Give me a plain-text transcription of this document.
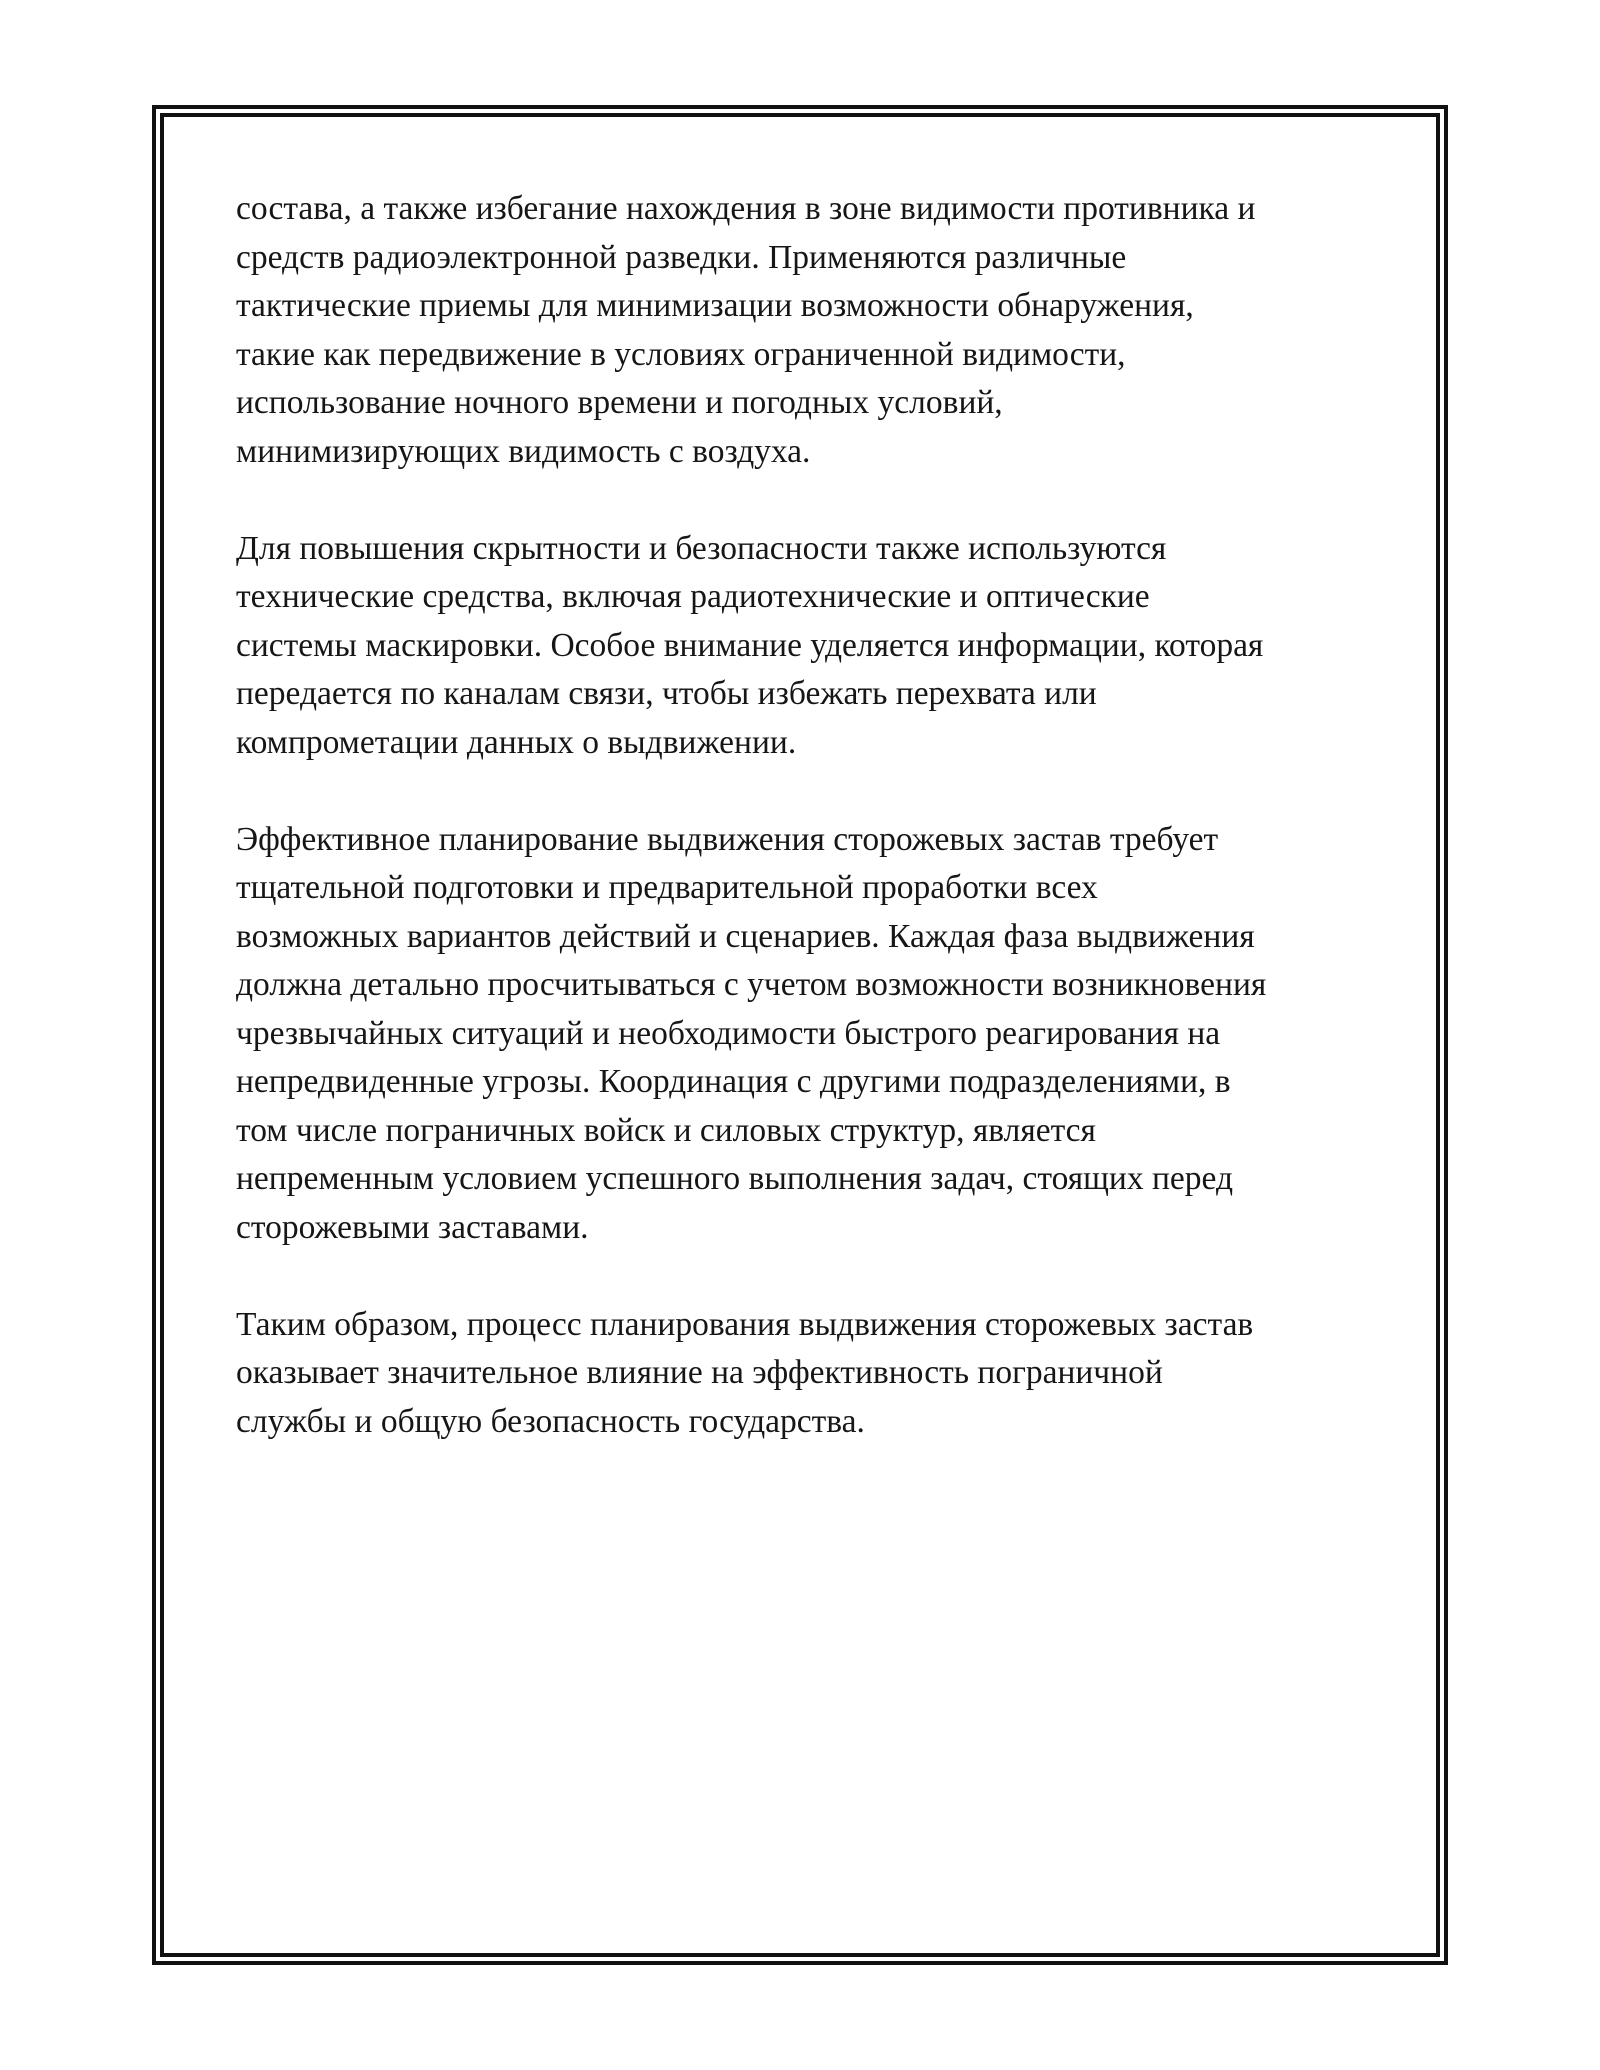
состава, а также избегание нахождения в зоне видимости противника и
средств радиоэлектронной разведки. Применяются различные
тактические приемы для минимизации возможности обнаружения,
такие как передвижение в условиях ограниченной видимости,
использование ночного времени и погодных условий,
минимизирующих видимость с воздуха.

Для повышения скрытности и безопасности также используются
технические средства, включая радиотехнические и оптические
системы маскировки. Особое внимание уделяется информации, которая
передается по каналам связи, чтобы избежать перехвата или
компрометации данных о выдвижении.

Эффективное планирование выдвижения сторожевых застав требует
тщательной подготовки и предварительной проработки всех
возможных вариантов действий и сценариев. Каждая фаза выдвижения
должна детально просчитываться с учетом возможности возникновения
чрезвычайных ситуаций и необходимости быстрого реагирования на
непредвиденные угрозы. Координация с другими подразделениями, в
том числе пограничных войск и силовых структур, является
непременным условием успешного выполнения задач, стоящих перед
сторожевыми заставами.

Таким образом, процесс планирования выдвижения сторожевых застав
оказывает значительное влияние на эффективность пограничной
службы и общую безопасность государства.
